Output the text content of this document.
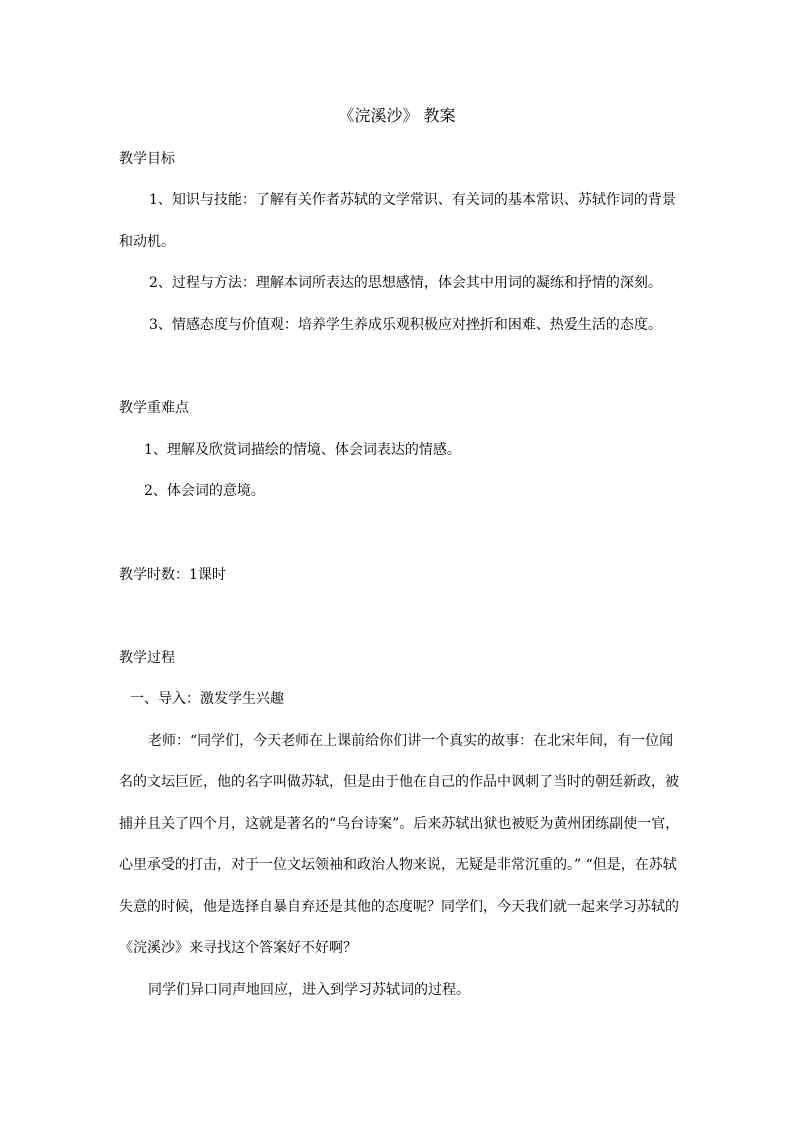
《浣溪沙》 教案
教学目标
1、知识与技能：了解有关作者苏轼的文学常识、有关词的基本常识、苏轼作词的背景
和动机。
2、过程与方法：理解本词所表达的思想感情，体会其中用词的凝练和抒情的深刻。
3、情感态度与价值观：培养学生养成乐观积极应对挫折和困难、热爱生活的态度。
教学重难点
1、理解及欣赏词描绘的情境、体会词表达的情感。
2、体会词的意境。
教学时数：1课时
教学过程
一、导入：激发学生兴趣
老师：“同学们，今天老师在上课前给你们讲一个真实的故事：在北宋年间，有一位闻
名的文坛巨匠，他的名字叫做苏轼，但是由于他在自己的作品中讽刺了当时的朝廷新政，被
捕并且关了四个月，这就是著名的“乌台诗案”。后来苏轼出狱也被贬为黄州团练副使一官，
心里承受的打击，对于一位文坛领袖和政治人物来说，无疑是非常沉重的。” “但是，在苏轼
失意的时候，他是选择自暴自弃还是其他的态度呢？同学们，今天我们就一起来学习苏轼的
《浣溪沙》来寻找这个答案好不好啊？
同学们异口同声地回应，进入到学习苏轼词的过程。
